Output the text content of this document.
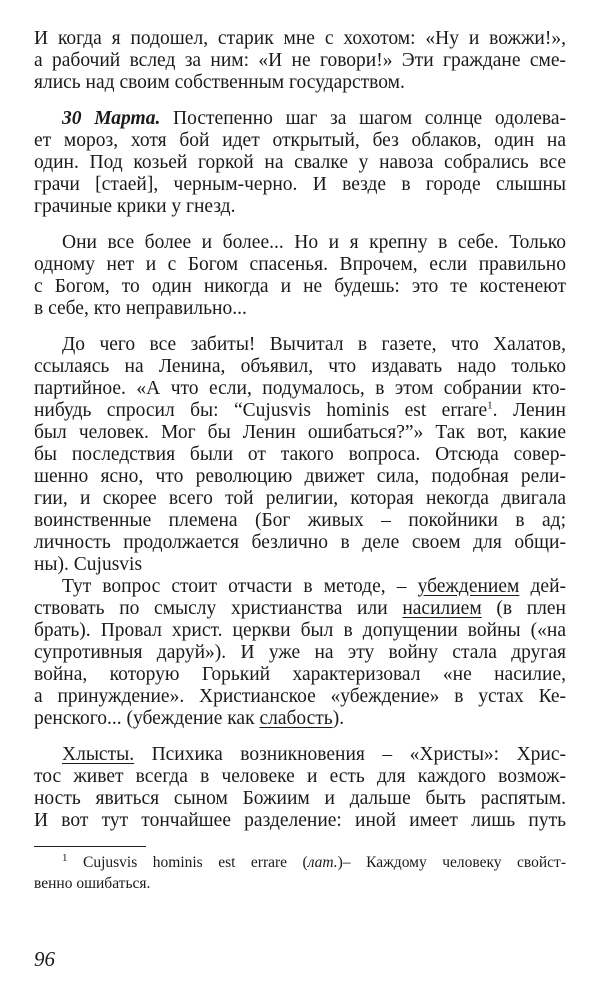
И когда я подошел, старик мне с хохотом: «Ну и вожжи!»,
а рабочий вслед за ним: «И не говори!» Эти граждане сме-
ялись над своим собственным государством.
30 Марта. Постепенно шаг за шагом солнце одолева-
ет мороз, хотя бой идет открытый, без облаков, один на
один. Под козьей горкой на свалке у навоза собрались все
грачи [стаей], черным-черно. И везде в городе слышны
грачиные крики у гнезд.
Они все более и более... Но и я крепну в себе. Только
одному нет и с Богом спасенья. Впрочем, если правильно
с Богом, то один никогда и не будешь: это те костенеют
в себе, кто неправильно...
До чего все забиты! Вычитал в газете, что Халатов,
ссылаясь на Ленина, объявил, что издавать надо только
партийное. «А что если, подумалось, в этом собрании кто-
нибудь спросил бы: “Cujusvis hominis est errare$^1$. Ленин
был человек. Мог бы Ленин ошибаться?”» Так вот, какие
бы последствия были от такого вопроса. Отсюда совер-
шенно ясно, что революцию движет сила, подобная рели-
гии, и скорее всего той религии, которая некогда двигала
воинственные племена (Бог живых – покойники в ад;
личность продолжается безлично в деле своем для общи-
ны). Cujusvis
Тут вопрос стоит отчасти в методе, – убеждением дей-
ствовать по смыслу христианства или насилием (в плен
брать). Провал христ. церкви был в допущении войны («на
супротивныя даруй»). И уже на эту войну стала другая
война, которую Горький характеризовал «не насилие,
а принуждение». Христианское «убеждение» в устах Ке-
ренского... (убеждение как слабость).
Хлысты. Психика возникновения – «Христы»: Хрис-
тос живет всегда в человеке и есть для каждого возмож-
ность явиться сыном Божиим и дальше быть распятым.
И вот тут тончайшее разделение: иной имеет лишь путь
$^1$ Cujusvis hominis est errare (лат.)– Каждому человеку свойст-
венно ошибаться.
96
